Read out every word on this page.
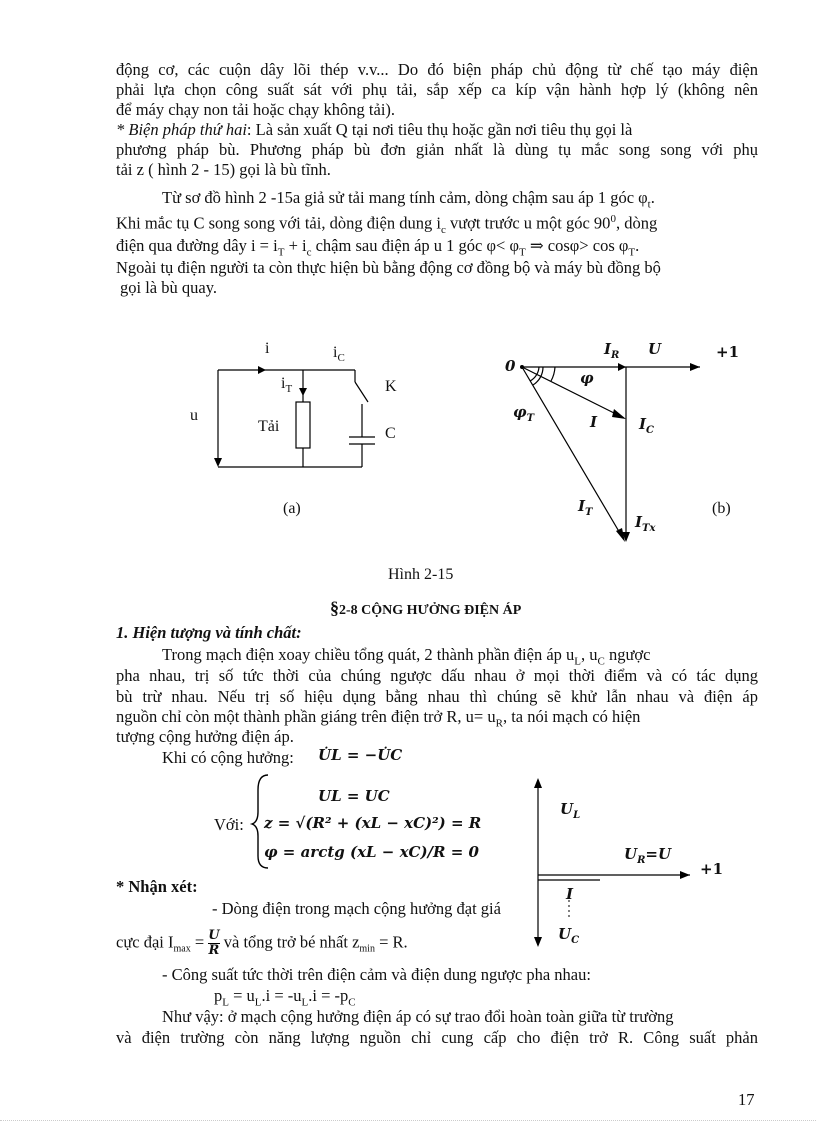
động cơ, các cuộn dây lõi thép v.v... Do đó biện pháp chủ động từ chế tạo máy điện
phải lựa chọn công suất sát với phụ tải, sắp xếp ca kíp vận hành hợp lý (không nên
để máy chạy non tải hoặc chạy không tải).
* Biện pháp thứ hai: Là sản xuất Q tại nơi tiêu thụ hoặc gần nơi tiêu thụ gọi là
phương pháp bù. Phương pháp bù đơn giản nhất là dùng tụ mắc song song với phụ
tải z ( hình 2 - 15) gọi là bù tĩnh.
Từ sơ đồ hình 2 -15a giả sử tải mang tính cảm, dòng chậm sau áp 1 góc $\varphi_t$.
Khi mắc tụ C song song với tải, dòng điện dung $i_c$ vượt trước u một góc $90^0$, dòng
điện qua đường dây $i = i_T + i_c$ chậm sau điện áp u 1 góc $\varphi< \varphi_T$ ⇒ $\cos\varphi> \cos \varphi_T$.
Ngoài tụ điện người ta còn thực hiện bù bằng động cơ đồng bộ và máy bù đồng bộ
gọi là bù quay.
i	$i_C$
$i_T$
u
Tải
K
C
(a)
0
+1
$I_R$ U
φ
$\varphi_T$	I	$I_C$
$I_T$
$I_{Tx}$
(b)
Hình 2-15
§2-8 CỘNG HƯỞNG ĐIỆN ÁP
1. Hiện tượng và tính chất:
Trong mạch điện xoay chiều tổng quát, 2 thành phần điện áp $u_L$, $u_C$ ngược
pha nhau, trị số tức thời của chúng ngược dấu nhau ở mọi thời điểm và có tác dụng
bù trừ nhau. Nếu trị số hiệu dụng bằng nhau thì chúng sẽ khử lẫn nhau và điện áp
nguồn chỉ còn một thành phần giáng trên điện trở R, $u= u_R$, ta nói mạch có hiện
tượng cộng hưởng điện áp.
Khi có cộng hưởng: U̇L = −U̇C
Với:
UL = UC
z = √(R² + (xL − xC)²) = R
φ = arctg (xL − xC)/R = 0
$U_L$
$U_R=U$
+1
I
$U_C$
* Nhận xét:
- Dòng điện trong mạch cộng hưởng đạt giá
cực đại $I_{max} = \frac{U}{R}$ và tổng trở bé nhất $z_{min} = R$.
- Công suất tức thời trên điện cảm và điện dung ngược pha nhau:
$p_L = u_L.i = -u_L.i = -p_C$
Như vậy: ở mạch cộng hưởng điện áp có sự trao đổi hoàn toàn giữa từ trường
và điện trường còn năng lượng nguồn chỉ cung cấp cho điện trở R. Công suất phản
17
